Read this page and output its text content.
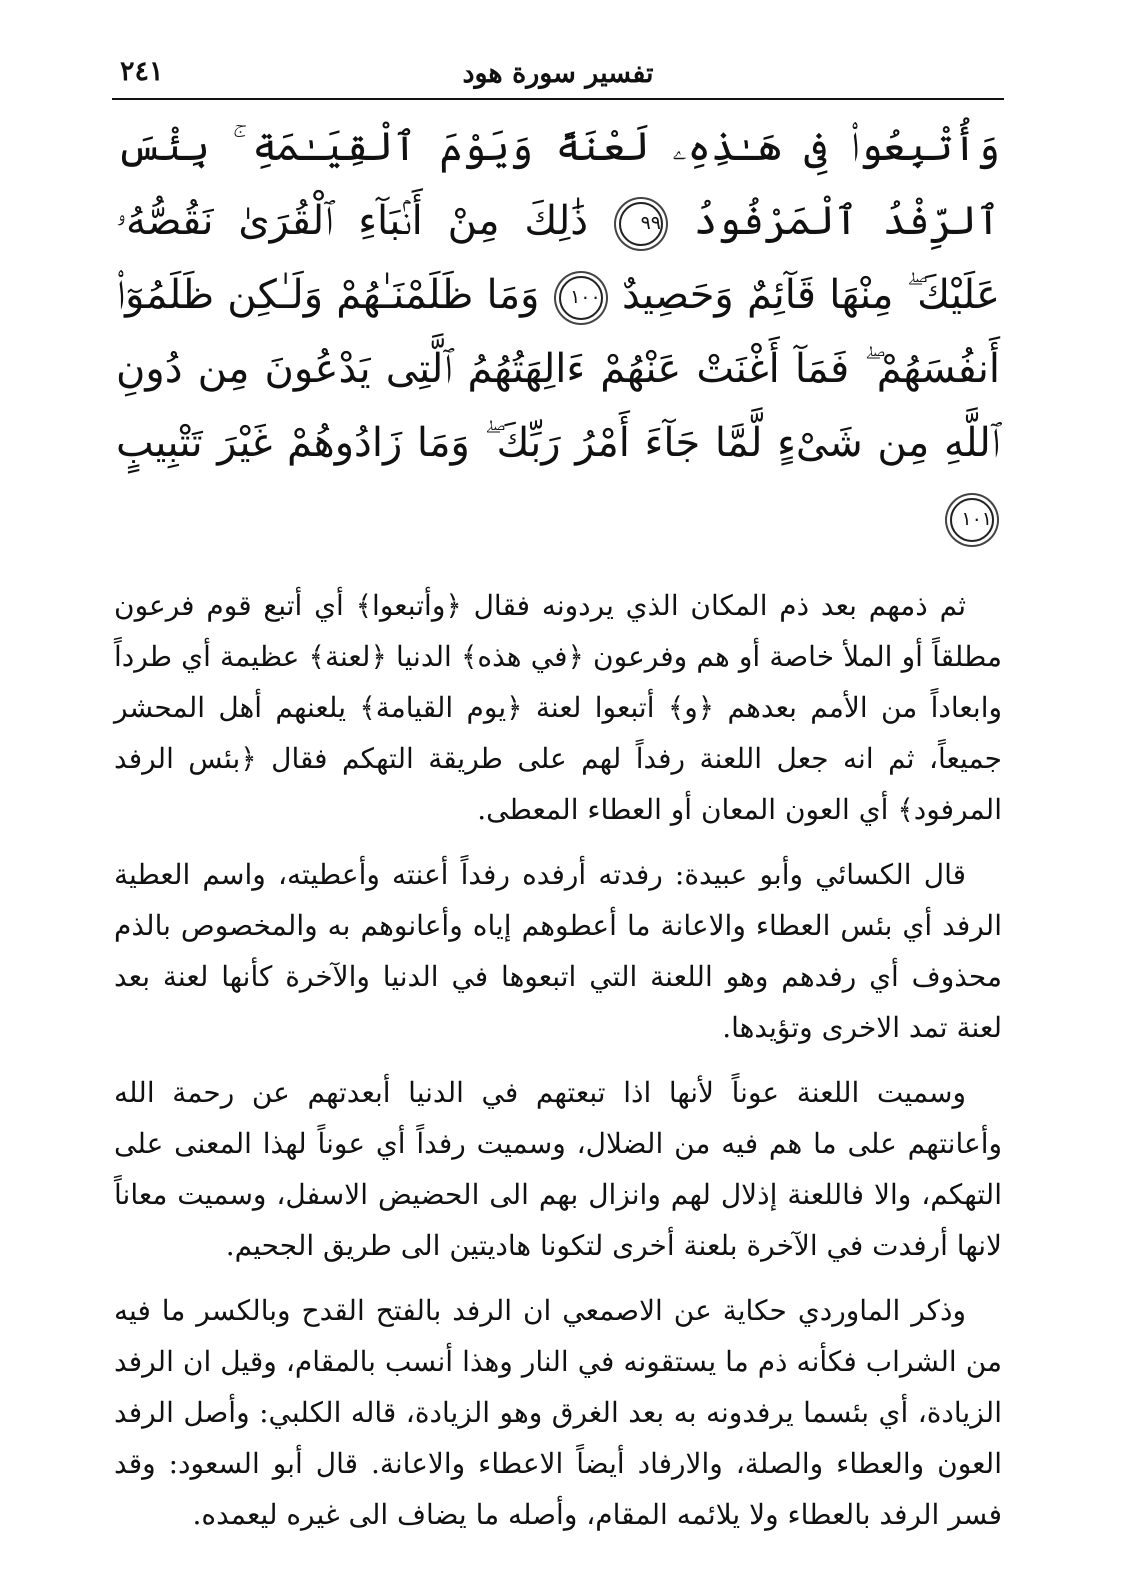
تفسير سورة هود
٢٤١
وَأُتْبِعُوا۟ فِى هَـٰذِهِۦ لَعْنَةً وَيَوْمَ ٱلْقِيَـٰمَةِ ۚ بِئْسَ ٱلرِّفْدُ ٱلْمَرْفُودُ ٩٩ ذَٰلِكَ مِنْ أَنۢبَآءِ ٱلْقُرَىٰ نَقُصُّهُۥ عَلَيْكَ ۖ مِنْهَا قَآئِمٌ وَحَصِيدٌ ١٠٠ وَمَا ظَلَمْنَـٰهُمْ وَلَـٰكِن ظَلَمُوٓا۟ أَنفُسَهُمْ ۖ فَمَآ أَغْنَتْ عَنْهُمْ ءَالِهَتُهُمُ ٱلَّتِى يَدْعُونَ مِن دُونِ ٱللَّهِ مِن شَىْءٍ لَّمَّا جَآءَ أَمْرُ رَبِّكَ ۖ وَمَا زَادُوهُمْ غَيْرَ تَتْبِيبٍ ١٠١

ثم ذمهم بعد ذم المكان الذي يردونه فقال ﴿وأتبعوا﴾ أي أتبع قوم فرعون مطلقاً أو الملأ خاصة أو هم وفرعون ﴿في هذه﴾ الدنيا ﴿لعنة﴾ عظيمة أي طرداً وابعاداً من الأمم بعدهم ﴿و﴾ أتبعوا لعنة ﴿يوم القيامة﴾ يلعنهم أهل المحشر جميعاً، ثم انه جعل اللعنة رفداً لهم على طريقة التهكم فقال ﴿بئس الرفد المرفود﴾ أي العون المعان أو العطاء المعطى.

قال الكسائي وأبو عبيدة: رفدته أرفده رفداً أعنته وأعطيته، واسم العطية الرفد أي بئس العطاء والاعانة ما أعطوهم إياه وأعانوهم به والمخصوص بالذم محذوف أي رفدهم وهو اللعنة التي اتبعوها في الدنيا والآخرة كأنها لعنة بعد لعنة تمد الاخرى وتؤيدها.

وسميت اللعنة عوناً لأنها اذا تبعتهم في الدنيا أبعدتهم عن رحمة الله وأعانتهم على ما هم فيه من الضلال، وسميت رفداً أي عوناً لهذا المعنى على التهكم، والا فاللعنة إذلال لهم وانزال بهم الى الحضيض الاسفل، وسميت معاناً لانها أرفدت في الآخرة بلعنة أخرى لتكونا هاديتين الى طريق الجحيم.

وذكر الماوردي حكاية عن الاصمعي ان الرفد بالفتح القدح وبالكسر ما فيه من الشراب فكأنه ذم ما يستقونه في النار وهذا أنسب بالمقام، وقيل ان الرفد الزيادة، أي بئسما يرفدونه به بعد الغرق وهو الزيادة، قاله الكلبي: وأصل الرفد العون والعطاء والصلة، والارفاد أيضاً الاعطاء والاعانة. قال أبو السعود: وقد فسر الرفد بالعطاء ولا يلائمه المقام، وأصله ما يضاف الى غيره ليعمده.
